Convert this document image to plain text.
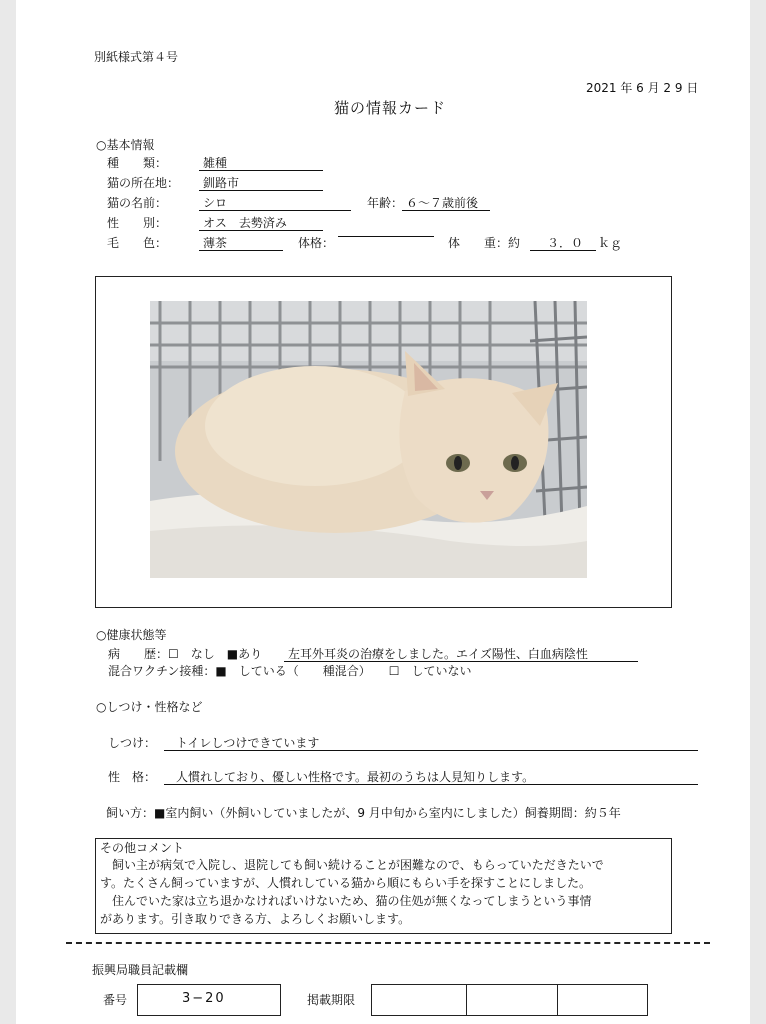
別紙様式第４号
2021 年 6 月 2 9 日
猫の情報カード
○基本情報
種　　類：	雑種
猫の所在地：	釧路市
猫の名前：	シロ	年齢： ６〜７歳前後
性　　別：	オス　去勢済み
毛　　色：	薄茶	体格：	体　　重：約	３．０	ｋｇ
○健康状態等
病　　歴：☐　なし　■あり	左耳外耳炎の治療をしました。エイズ陽性、白血病陰性
混合ワクチン接種：■　している（　　種混合）　　☐　していない
○しつけ・性格など
しつけ：	トイレしつけできています
性　格：	人慣れしており、優しい性格です。最初のうちは人見知りします。
飼い方：■室内飼い（外飼いしていましたが、9 月中旬から室内にしました）飼養期間：約５年
その他コメント
　飼い主が病気で入院し、退院しても飼い続けることが困難なので、もらっていただきたいで
す。たくさん飼っていますが、人慣れしている猫から順にもらい手を探すことにしました。
　住んでいた家は立ち退かなければいけないため、猫の住処が無くなってしまうという事情
があります。引き取りできる方、よろしくお願いします。
振興局職員記載欄
番号	3−20	掲載期限
